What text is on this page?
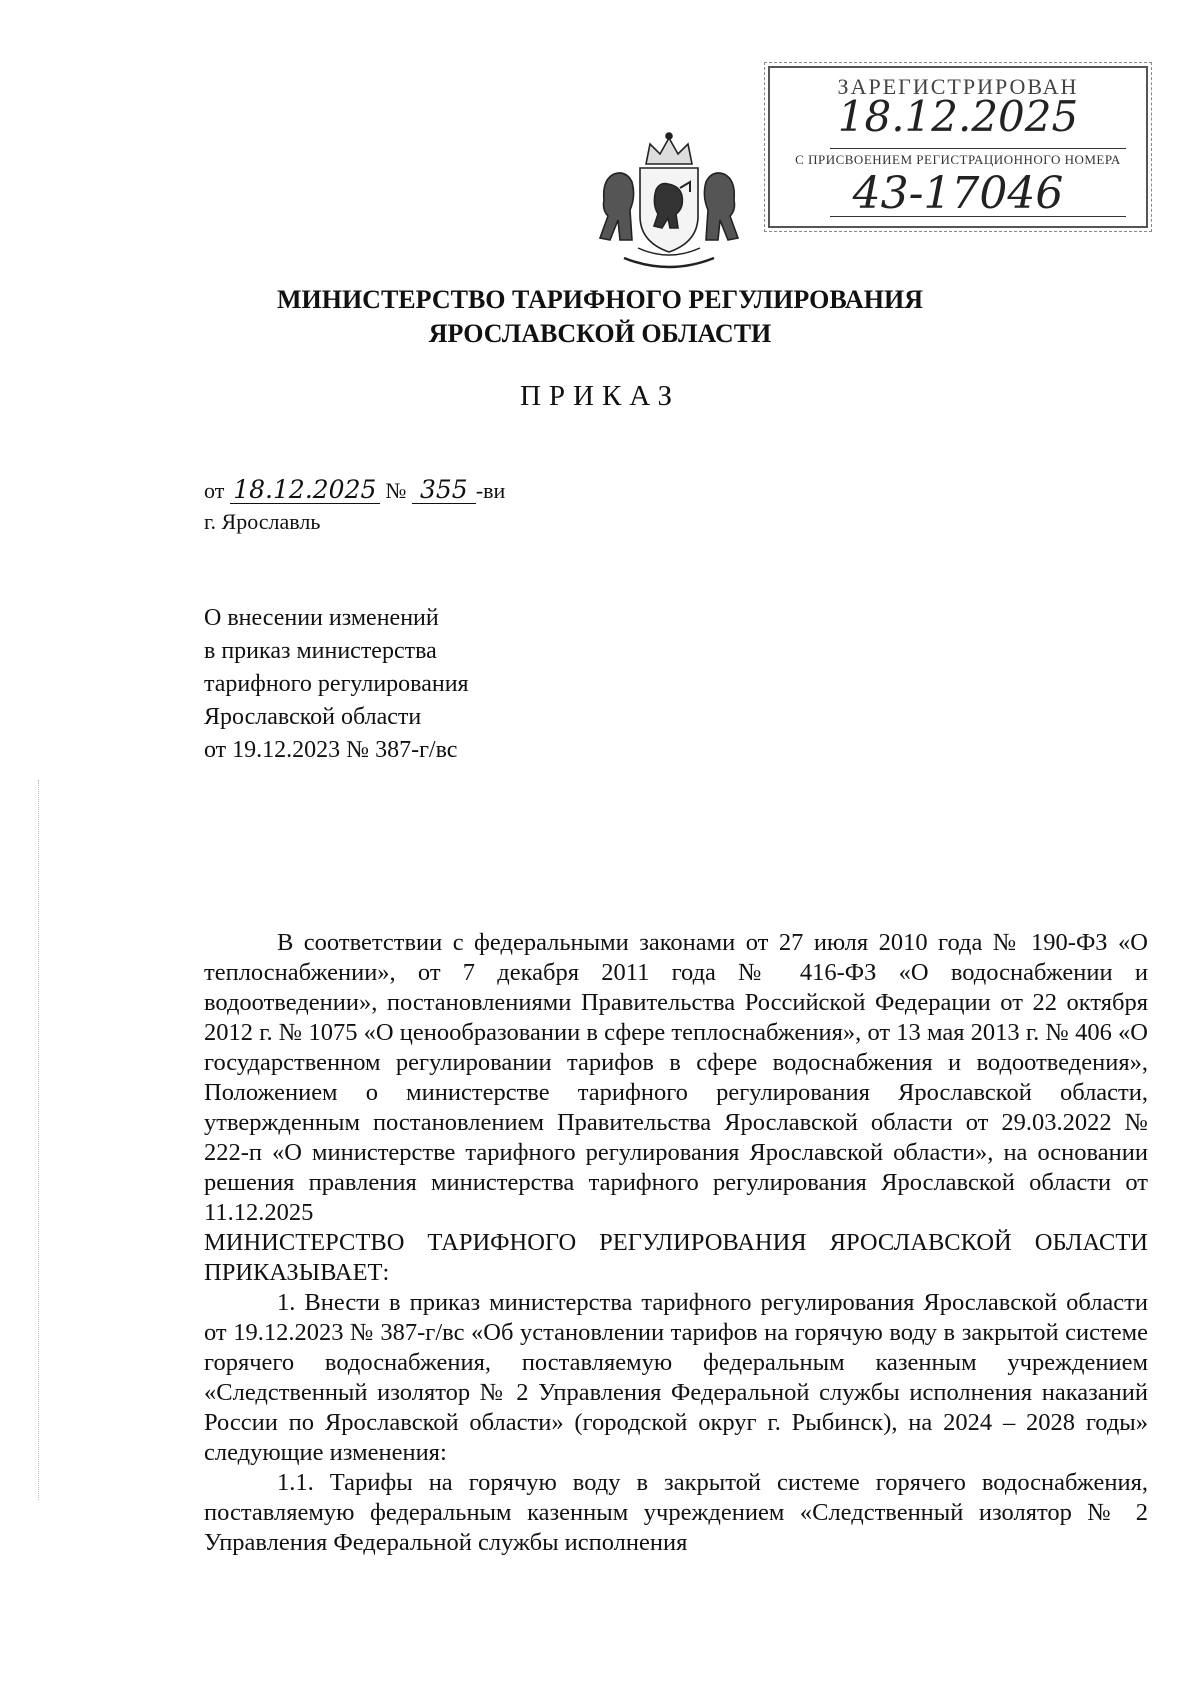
ЗАРЕГИСТРИРОВАН
18.12.2025
С ПРИСВОЕНИЕМ РЕГИСТРАЦИОННОГО НОМЕРА
43-17046
МИНИСТЕРСТВО ТАРИФНОГО РЕГУЛИРОВАНИЯ
ЯРОСЛАВСКОЙ ОБЛАСТИ
ПРИКАЗ
от 18.12.2025 № 355 -ви
г. Ярославль
О внесении изменений
в приказ министерства
тарифного регулирования
Ярославской области
от 19.12.2023 № 387-г/вс

В соответствии с федеральными законами от 27 июля 2010 года № 190-ФЗ «О теплоснабжении», от 7 декабря 2011 года № 416-ФЗ «О водоснабжении и водоотведении», постановлениями Правительства Российской Федерации от 22 октября 2012 г. № 1075 «О ценообразовании в сфере теплоснабжения», от 13 мая 2013 г. № 406 «О государственном регулировании тарифов в сфере водоснабжения и водоотведения», Положением о министерстве тарифного регулирования Ярославской области, утвержденным постановлением Правительства Ярославской области от 29.03.2022 № 222-п «О министерстве тарифного регулирования Ярославской области», на основании решения правления министерства тарифного регулирования Ярославской области от 11.12.2025

МИНИСТЕРСТВО ТАРИФНОГО РЕГУЛИРОВАНИЯ ЯРОСЛАВСКОЙ ОБЛАСТИ ПРИКАЗЫВАЕТ:

1. Внести в приказ министерства тарифного регулирования Ярославской области от 19.12.2023 № 387-г/вс «Об установлении тарифов на горячую воду в закрытой системе горячего водоснабжения, поставляемую федеральным казенным учреждением «Следственный изолятор № 2 Управления Федеральной службы исполнения наказаний России по Ярославской области» (городской округ г. Рыбинск), на 2024 – 2028 годы» следующие изменения:

1.1. Тарифы на горячую воду в закрытой системе горячего водоснабжения, поставляемую федеральным казенным учреждением «Следственный изолятор № 2 Управления Федеральной службы исполнения
